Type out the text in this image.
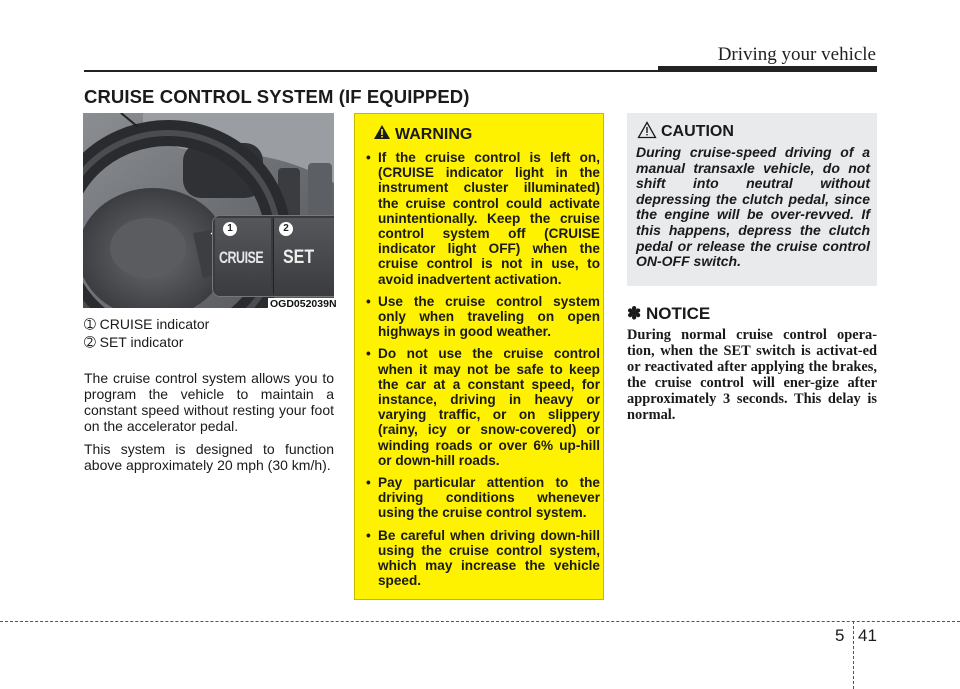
Driving your vehicle
CRUISE CONTROL SYSTEM (IF EQUIPPED)
CRUISE SET
1	2
OGD052039N
➀ CRUISE indicator
➁ SET indicator
The cruise control system allows you to program the vehicle to maintain a constant speed without resting your foot on the accelerator pedal.
This system is designed to function above approximately 20 mph (30 km/h).
WARNING
• If the cruise control is left on, (CRUISE indicator light in the instrument cluster illuminated) the cruise control could activate unintentionally. Keep the cruise control system off (CRUISE indicator light OFF) when the cruise control is not in use, to avoid inadvertent activation.
• Use the cruise control system only when traveling on open highways in good weather.
• Do not use the cruise control when it may not be safe to keep the car at a constant speed, for instance, driving in heavy or varying traffic, or on slippery (rainy, icy or snow-covered) or winding roads or over 6% up-hill or down-hill roads.
• Pay particular attention to the driving conditions whenever using the cruise control system.
• Be careful when driving down-hill using the cruise control system, which may increase the vehicle speed.
CAUTION
During cruise-speed driving of a manual transaxle vehicle, do not shift into neutral without depressing the clutch pedal, since the engine will be over-revved. If this happens, depress the clutch pedal or release the cruise control ON-OFF switch.
✽ NOTICE
During normal cruise control opera-tion, when the SET switch is activat-ed or reactivated after applying the brakes, the cruise control will ener-gize after approximately 3 seconds. This delay is normal.
5 41
